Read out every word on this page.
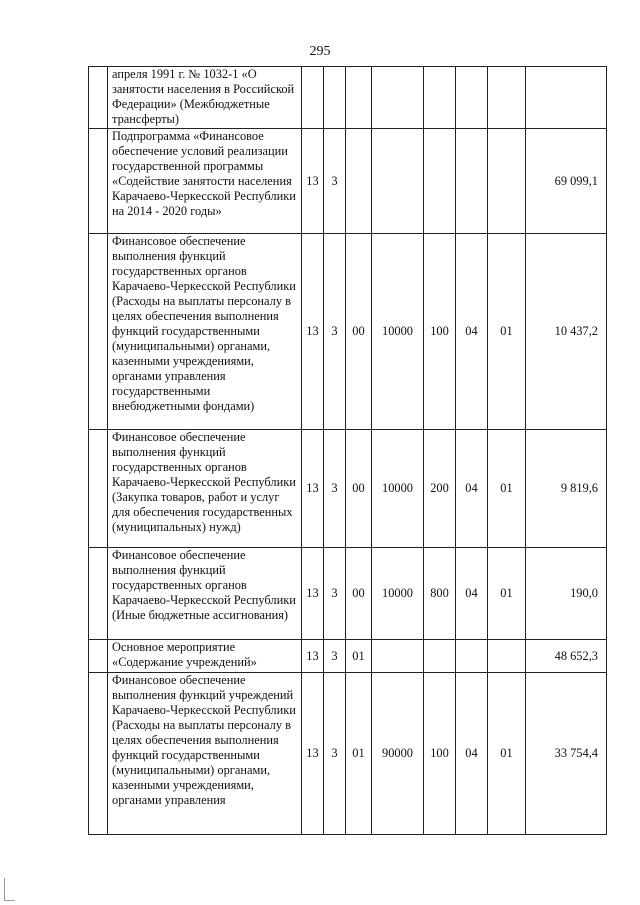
295
	апреля 1991 г. № 1032-1 «О занятости населения в Российской Федерации» (Межбюджетные трансферты)								
	Подпрограмма «Финансовое обеспечение условий реализации государственной программы «Содействие занятости населения Карачаево-Черкесской Республики на 2014 - 2020 годы»	13	3						69 099,1
	Финансовое обеспечение выполнения функций государственных органов Карачаево-Черкесской Республики (Расходы на выплаты персоналу в целях обеспечения выполнения функций государственными (муниципальными) органами, казенными учреждениями, органами управления государственными внебюджетными фондами)	13	3	00	10000	100	04	01	10 437,2
	Финансовое обеспечение выполнения функций государственных органов Карачаево-Черкесской Республики (Закупка товаров, работ и услуг для обеспечения государственных (муниципальных) нужд)	13	3	00	10000	200	04	01	9 819,6
	Финансовое обеспечение выполнения функций государственных органов Карачаево-Черкесской Республики (Иные бюджетные ассигнования)	13	3	00	10000	800	04	01	190,0
	Основное мероприятие «Содержание учреждений»	13	3	01					48 652,3
	Финансовое обеспечение выполнения функций учреждений Карачаево-Черкесской Республики (Расходы на выплаты персоналу в целях обеспечения выполнения функций государственными (муниципальными) органами, казенными учреждениями, органами управления	13	3	01	90000	100	04	01	33 754,4
